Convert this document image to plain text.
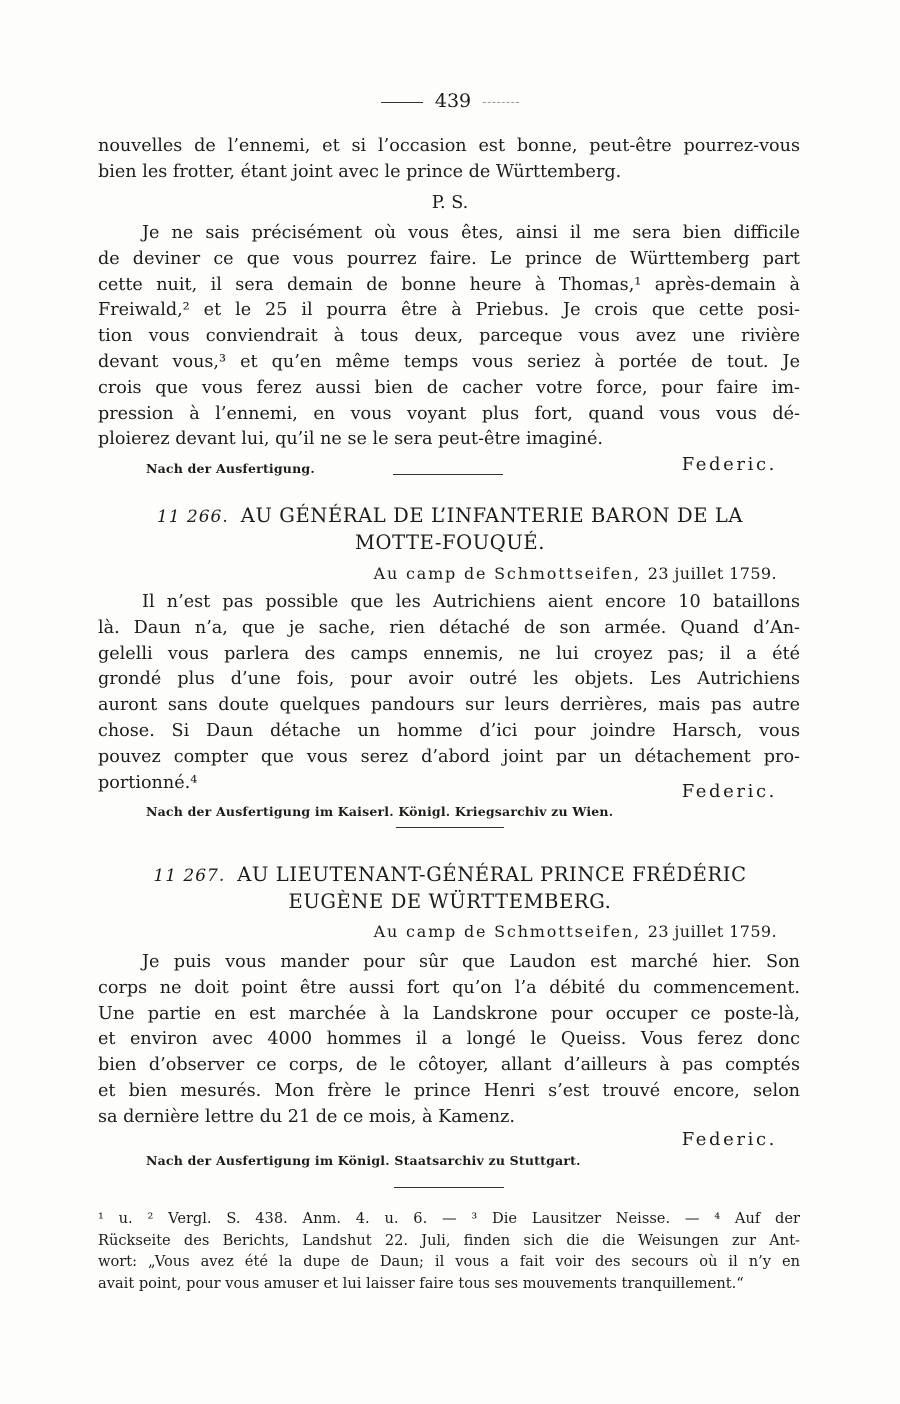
439
nouvelles de l’ennemi, et si l’occasion est bonne, peut-être pourrez-vous
bien les frotter, étant joint avec le prince de Württemberg.
P. S.
Je ne sais précisément où vous êtes, ainsi il me sera bien difficile
de deviner ce que vous pourrez faire. Le prince de Württemberg part
cette nuit, il sera demain de bonne heure à Thomas,¹ après-demain à
Freiwald,² et le 25 il pourra être à Priebus. Je crois que cette posi-
tion vous conviendrait à tous deux, parceque vous avez une rivière
devant vous,³ et qu’en même temps vous seriez à portée de tout. Je
crois que vous ferez aussi bien de cacher votre force, pour faire im-
pression à l’ennemi, en vous voyant plus fort, quand vous vous dé-
ploierez devant lui, qu’il ne se le sera peut-être imaginé.
Nach der Ausfertigung.	Federic.
11 266. AU GÉNÉRAL DE L’INFANTERIE BARON DE LA
MOTTE-FOUQUÉ.
Au camp de Schmottseifen, 23 juillet 1759.
Il n’est pas possible que les Autrichiens aient encore 10 bataillons
là. Daun n’a, que je sache, rien détaché de son armée. Quand d’An-
gelelli vous parlera des camps ennemis, ne lui croyez pas; il a été
grondé plus d’une fois, pour avoir outré les objets. Les Autrichiens
auront sans doute quelques pandours sur leurs derrières, mais pas autre
chose. Si Daun détache un homme d’ici pour joindre Harsch, vous
pouvez compter que vous serez d’abord joint par un détachement pro-
portionné.⁴	Federic.
Nach der Ausfertigung im Kaiserl. Königl. Kriegsarchiv zu Wien.
11 267. AU LIEUTENANT-GÉNÉRAL PRINCE FRÉDÉRIC
EUGÈNE DE WÜRTTEMBERG.
Au camp de Schmottseifen, 23 juillet 1759.
Je puis vous mander pour sûr que Laudon est marché hier. Son
corps ne doit point être aussi fort qu’on l’a débité du commencement.
Une partie en est marchée à la Landskrone pour occuper ce poste-là,
et environ avec 4000 hommes il a longé le Queiss. Vous ferez donc
bien d’observer ce corps, de le côtoyer, allant d’ailleurs à pas comptés
et bien mesurés. Mon frère le prince Henri s’est trouvé encore, selon
sa dernière lettre du 21 de ce mois, à Kamenz.
Federic.
Nach der Ausfertigung im Königl. Staatsarchiv zu Stuttgart.
¹ u. ² Vergl. S. 438. Anm. 4. u. 6. — ³ Die Lausitzer Neisse. — ⁴ Auf der
Rückseite des Berichts, Landshut 22. Juli, finden sich die die Weisungen zur Ant-
wort: „Vous avez été la dupe de Daun; il vous a fait voir des secours où il n’y en
avait point, pour vous amuser et lui laisser faire tous ses mouvements tranquillement.“
